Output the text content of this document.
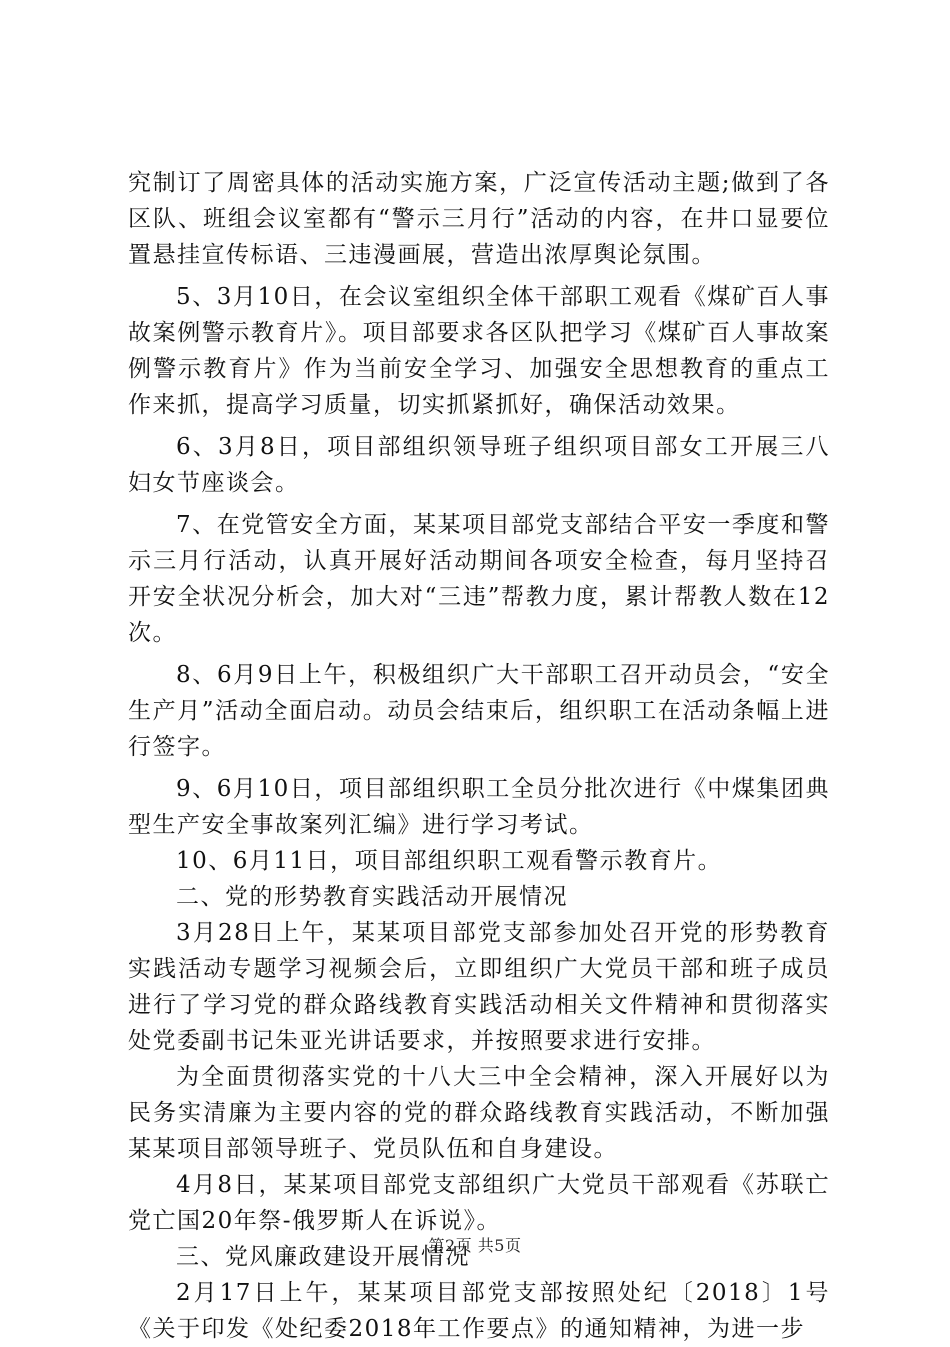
究制订了周密具体的活动实施方案，广泛宣传活动主题;做到了各区队、班组会议室都有“警示三月行”活动的内容，在井口显要位置悬挂宣传标语、三违漫画展，营造出浓厚舆论氛围。

5、3月10日，在会议室组织全体干部职工观看《煤矿百人事故案例警示教育片》。项目部要求各区队把学习《煤矿百人事故案例警示教育片》作为当前安全学习、加强安全思想教育的重点工作来抓，提高学习质量，切实抓紧抓好，确保活动效果。

6、3月8日，项目部组织领导班子组织项目部女工开展三八妇女节座谈会。

7、在党管安全方面，某某项目部党支部结合平安一季度和警示三月行活动，认真开展好活动期间各项安全检查，每月坚持召开安全状况分析会，加大对“三违”帮教力度，累计帮教人数在12次。

8、6月9日上午，积极组织广大干部职工召开动员会，“安全生产月”活动全面启动。动员会结束后，组织职工在活动条幅上进行签字。

9、6月10日，项目部组织职工全员分批次进行《中煤集团典型生产安全事故案列汇编》进行学习考试。

10、6月11日，项目部组织职工观看警示教育片。

二、党的形势教育实践活动开展情况

3月28日上午，某某项目部党支部参加处召开党的形势教育实践活动专题学习视频会后，立即组织广大党员干部和班子成员进行了学习党的群众路线教育实践活动相关文件精神和贯彻落实处党委副书记朱亚光讲话要求，并按照要求进行安排。

为全面贯彻落实党的十八大三中全会精神，深入开展好以为民务实清廉为主要内容的党的群众路线教育实践活动，不断加强某某项目部领导班子、党员队伍和自身建设。

4月8日，某某项目部党支部组织广大党员干部观看《苏联亡党亡国20年祭-俄罗斯人在诉说》。

三、党风廉政建设开展情况

2月17日上午，某某项目部党支部按照处纪〔2018〕1号《关于印发《处纪委2018年工作要点》的通知精神，为进一步

第2页 共5页
